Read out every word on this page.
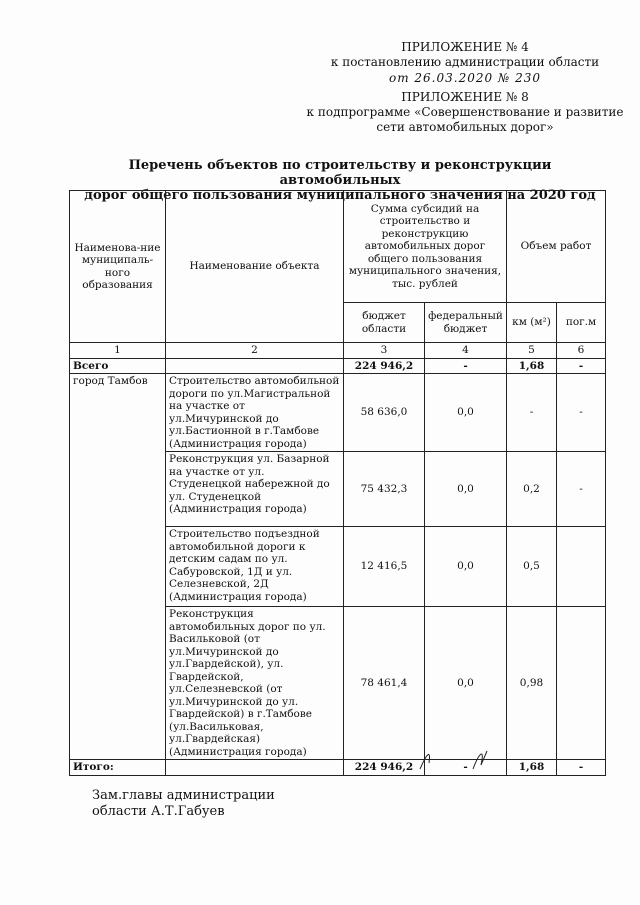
ПРИЛОЖЕНИЕ № 4
к постановлению администрации области
от 26.03.2020 № 230
ПРИЛОЖЕНИЕ № 8
к подпрограмме «Совершенствование и развитие
сети автомобильных дорог»
Перечень объектов по строительству и реконструкции автомобильных
дорог общего пользования муниципального значения на 2020 год
Наименова-ние муниципаль-ного образования	Наименование объекта	Сумма субсидий на строительство и реконструкцию автомобильных дорог общего пользования муниципального значения, тыс. рублей		Объем работ	
		бюджет области	федеральный бюджет	км (м²)	пог.м
1	2	3	4	5	6
Всего		224 946,2	-	1,68	-
город Тамбов	Строительство автомобильной дороги по ул.Магистральной на участке от ул.Мичуринской до ул.Бастионной в г.Тамбове (Администрация города)	58 636,0	0,0	-	-
	Реконструкция ул. Базарной на участке от ул. Студенецкой набережной до ул. Студенецкой (Администрация города)	75 432,3	0,0	0,2	-
	Строительство подъездной автомобильной дороги к детским садам по ул. Сабуровской, 1Д и ул. Селезневской, 2Д (Администрация города)	12 416,5	0,0	0,5	
	Реконструкция автомобильных дорог по ул. Васильковой (от ул.Мичуринской до ул.Гвардейской), ул. Гвардейской, ул.Селезневской (от ул.Мичуринской до ул. Гвардейской) в г.Тамбове (ул.Васильковая, ул.Гвардейская) (Администрация города)	78 461,4	0,0	0,98	
Итого:		224 946,2	-	1,68	-
Зам.главы администрации
области А.Т.Габуев
